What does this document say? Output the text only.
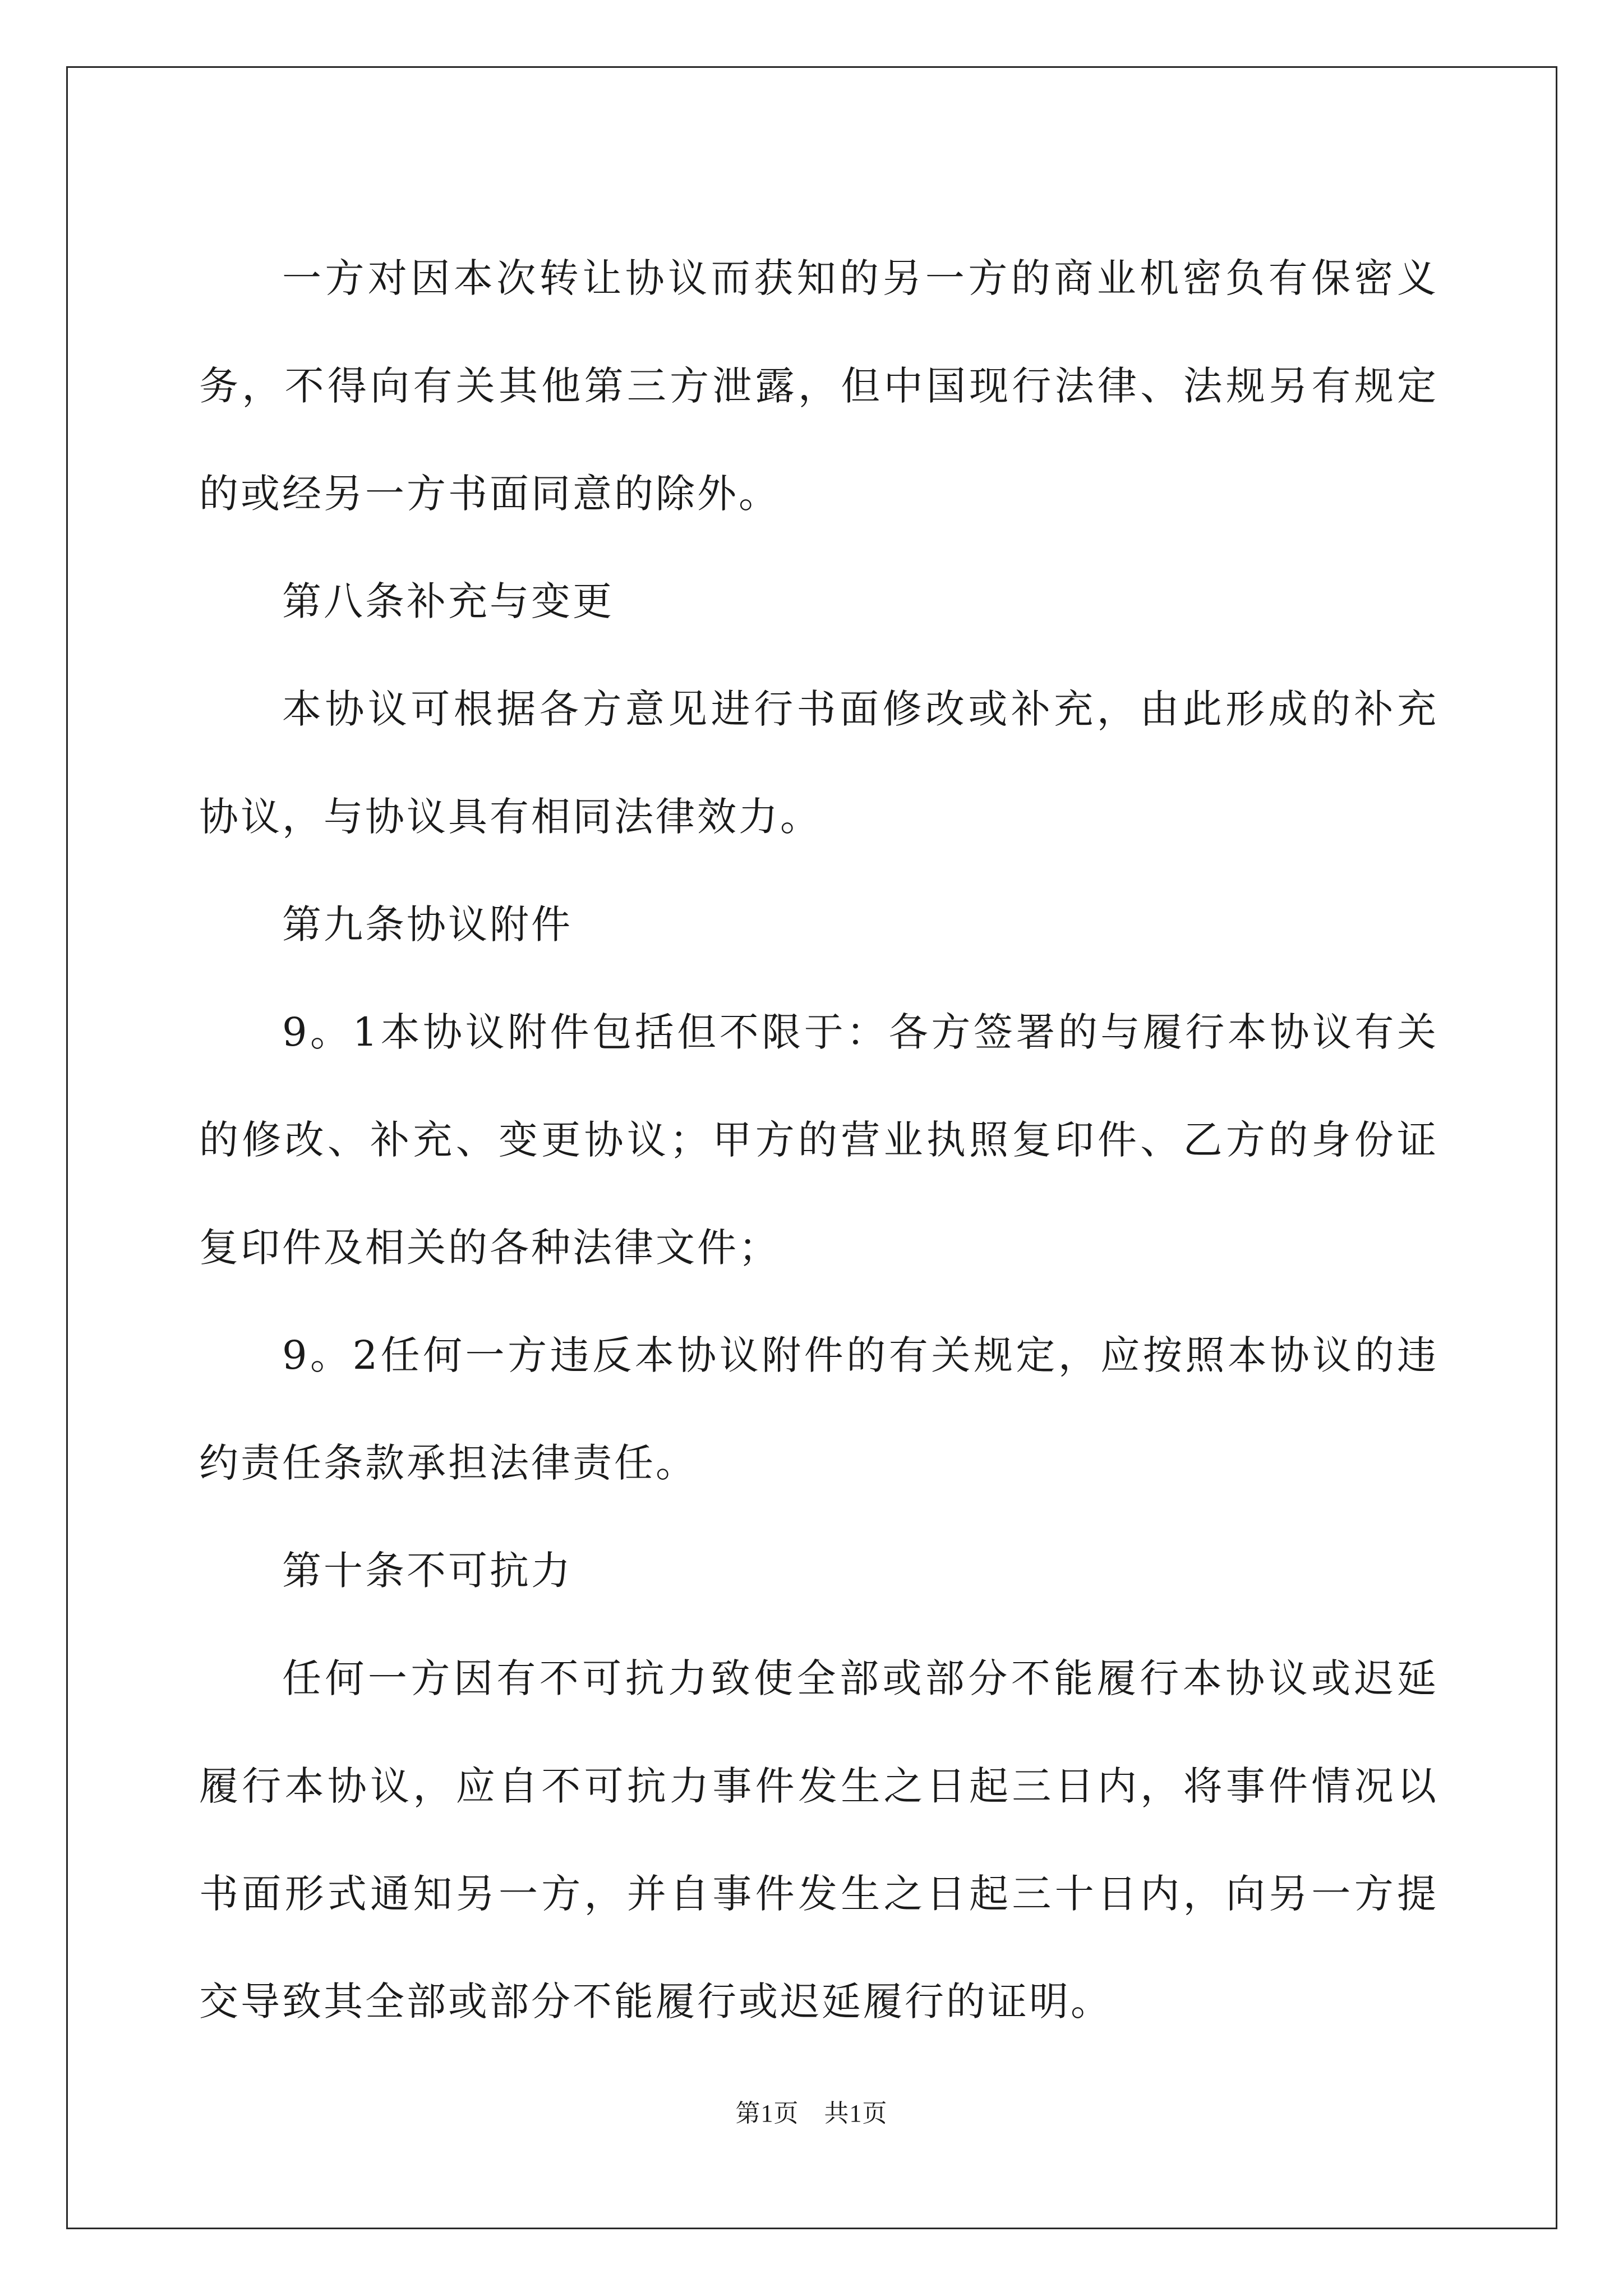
一方对因本次转让协议而获知的另一方的商业机密负有保密义务，不得向有关其他第三方泄露，但中国现行法律、法规另有规定的或经另一方书面同意的除外。

第八条补充与变更

本协议可根据各方意见进行书面修改或补充，由此形成的补充协议，与协议具有相同法律效力。

第九条协议附件

9。1本协议附件包括但不限于：各方签署的与履行本协议有关的修改、补充、变更协议；甲方的营业执照复印件、乙方的身份证复印件及相关的各种法律文件；

9。2任何一方违反本协议附件的有关规定，应按照本协议的违约责任条款承担法律责任。

第十条不可抗力

任何一方因有不可抗力致使全部或部分不能履行本协议或迟延履行本协议，应自不可抗力事件发生之日起三日内，将事件情况以书面形式通知另一方，并自事件发生之日起三十日内，向另一方提交导致其全部或部分不能履行或迟延履行的证明。

第1页　共1页
